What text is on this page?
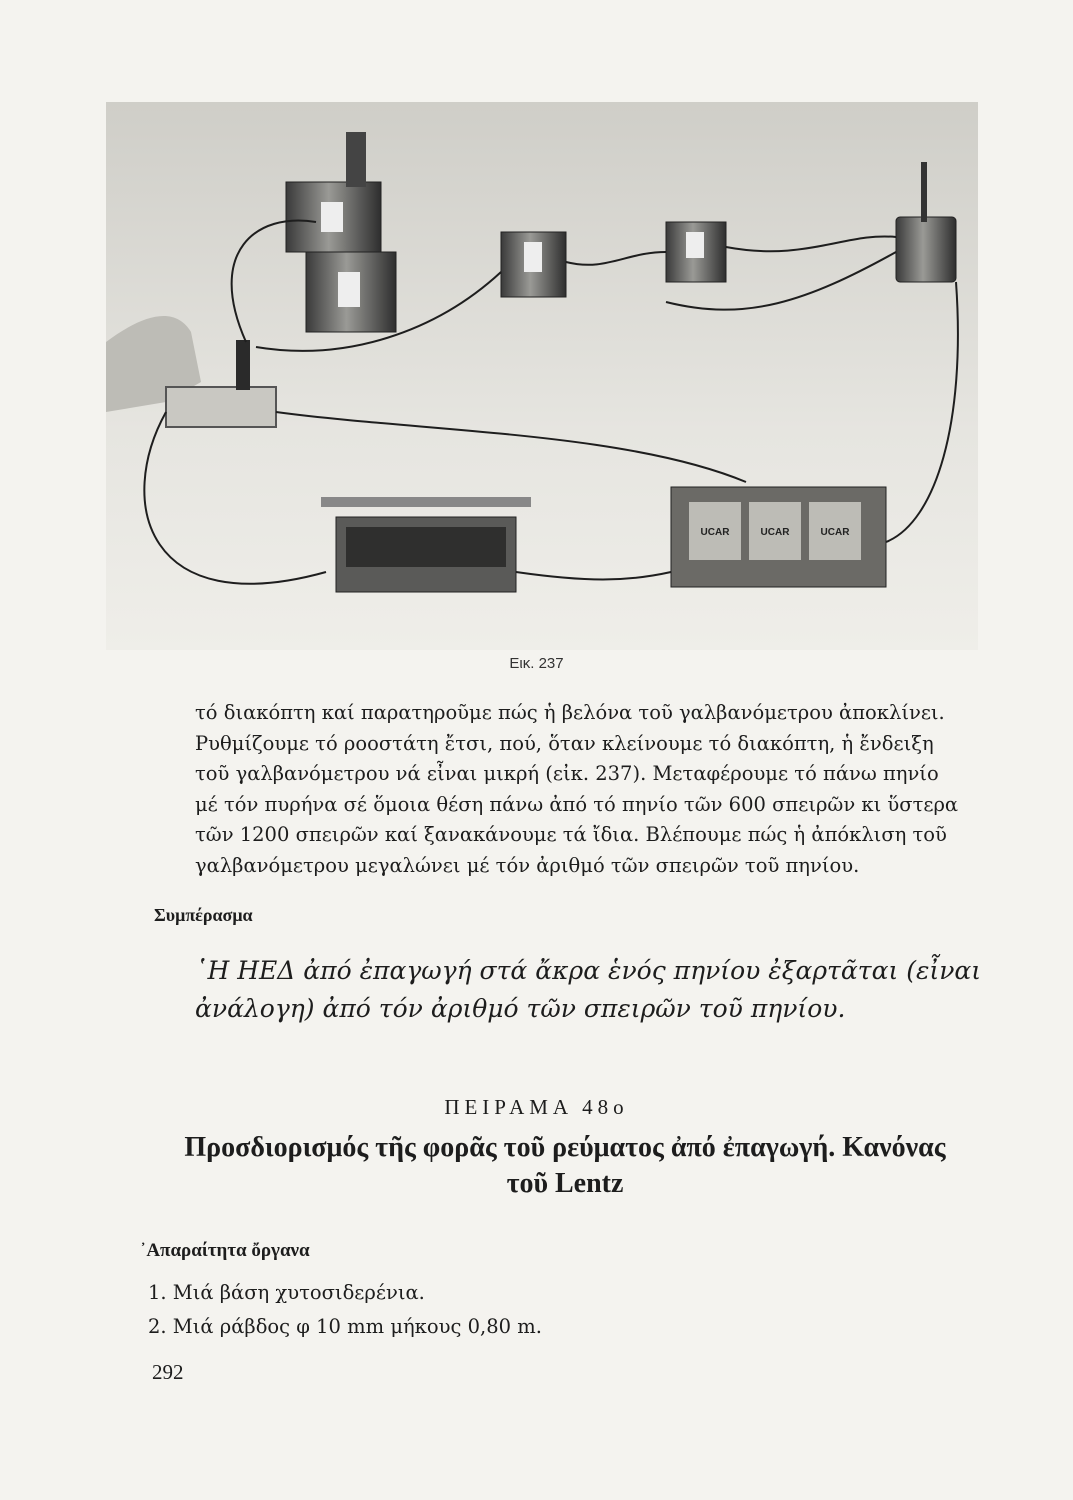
UCAR	UCAR	UCAR
Εικ. 237

τό διακόπτη καί παρατηροῦμε πώς ἡ βελόνα τοῦ γαλβανόμετρου ἀποκλίνει.
Ρυθμίζουμε τό ροοστάτη ἔτσι, πού, ὅταν κλείνουμε τό διακόπτη, ἡ ἔνδειξη
τοῦ γαλβανόμετρου νά εἶναι μικρή (εἰκ. 237). Μεταφέρουμε τό πάνω πηνίο
μέ τόν πυρήνα σέ ὅμοια θέση πάνω ἀπό τό πηνίο τῶν 600 σπειρῶν κι ὕστερα
τῶν 1200 σπειρῶν καί ξανακάνουμε τά ἴδια. Βλέπουμε πώς ἡ ἀπόκλιση τοῦ
γαλβανόμετρου μεγαλώνει μέ τόν ἀριθμό τῶν σπειρῶν τοῦ πηνίου.

Συμπέρασμα

῾Η ΗΕΔ ἀπό ἐπαγωγή στά ἄκρα ἑνός πηνίου ἐξαρτᾶται (εἶναι
ἀνάλογη) ἀπό τόν ἀριθμό τῶν σπειρῶν τοῦ πηνίου.

ΠΕΙΡΑΜΑ 48ο
Προσδιορισμός τῆς φορᾶς τοῦ ρεύματος ἀπό ἐπαγωγή. Κανόνας
τοῦ Lentz
᾿Απαραίτητα ὄργανα
1. Μιά βάση χυτοσιδερένια.
2. Μιά ράβδος φ 10 mm μήκους 0,80 m.
292
